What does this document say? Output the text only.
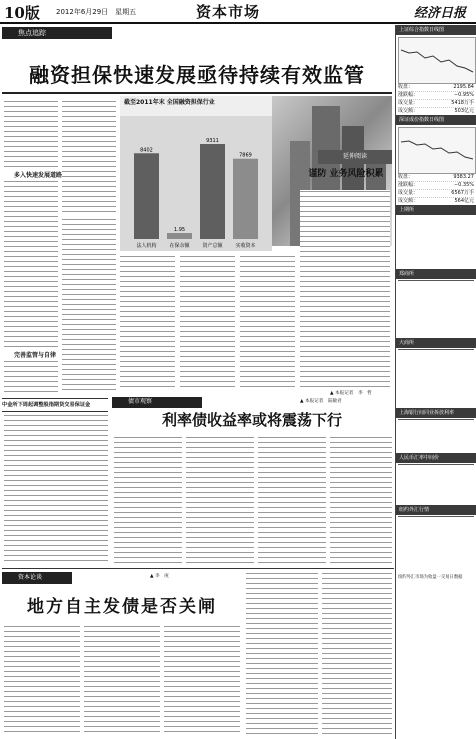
10版 2012年6月29日　星期五	资本市场	经济日报
焦点追踪
融资担保快速发展亟待持续有效监管
多入快速发展道路
完善监管与自律
中金所下周起调整股指期货交易保证金
截至2011年末 全国融资担保行业
8402
法人机构
1.95
在保余额
9311
资产总额
7869
实收资本
延伸阅读
谨防 业务风险积累
▲ 本报记者　李　哲
债市观察
利率债收益率或将震荡下行
▲ 本报记者　陆敏君
资本论谈	▲ 李　庚
地方自主发债是否关闸
上证综合指数日线图
收盘：	2195.84
涨跌幅：	−0.95%
成交量：	5418万手
成交额：	503亿元
深证成份指数日线图
收盘：	9383.27
涨跌幅：	−0.35%
成交量：	6567万手
成交额：	564亿元
上期所
郑商所
大商所
上海银行间同业拆放利率
人民币汇率中间价
纽约外汇行情
纽约外汇市场为收盘一交易日数据
